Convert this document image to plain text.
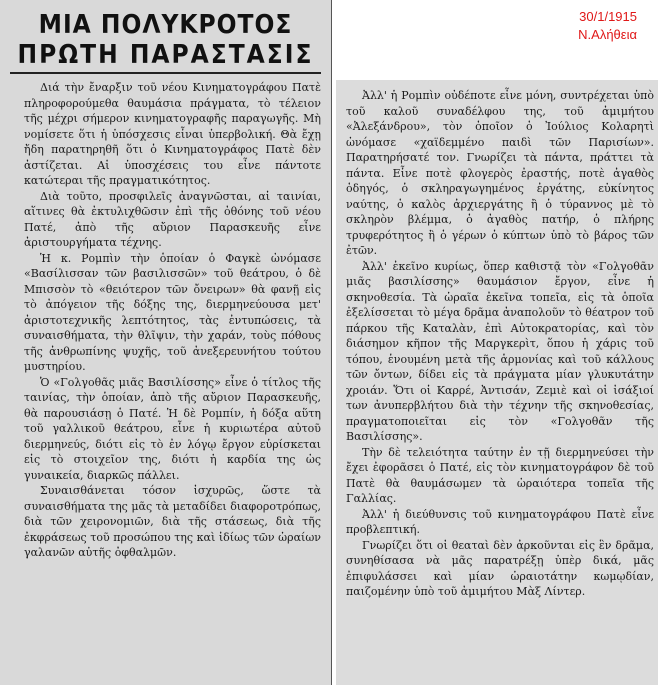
ΜΙΑ ΠΟΛΥΚΡΟΤΟΣ
ΠΡΩΤΗ ΠΑΡΑΣΤΑΣΙΣ

Διά τὴν ἔναρξιν τοῦ νέου Κινηματογράφου Πατὲ πληροφορούμεθα θαυμάσια πράγματα, τὸ τέλειον τῆς μέχρι σήμερον κινηματογραφῆς παραγωγῆς. Μὴ νομίσετε ὅτι ἡ ὑπόσχεσις εἶναι ὑπερβολική. Θὰ ἔχῃ ἤδη παρατηρηθῆ ὅτι ὁ Κινηματογράφος Πατὲ δὲν ἀστίζεται. Αἱ ὑποσχέσεις του εἶνε πάντοτε κατώτεραι τῆς πραγματικότητος.

Διὰ τοῦτο, προσφιλεῖς ἀναγνῶσται, αἱ ταινίαι, αἵτινες θὰ ἐκτυλιχθῶσιν ἐπὶ τῆς ὀθόνης τοῦ νέου Πατέ, ἀπὸ τῆς αὔριον Παρασκευῆς εἶνε ἀριστουργήματα τέχνης.

Ἡ κ. Ρομπὶν τὴν ὁποίαν ὁ Φαγκὲ ὠνόμασε «Βασίλισσαν τῶν βασιλισσῶν» τοῦ θεάτρου, ὁ δὲ Μπισσὸν τὸ «θειότερον τῶν ὄνειρων» θὰ φανῇ εἰς τὸ ἀπόγειον τῆς δόξης της, διερμηνεύουσα μετ' ἀριστοτεχνικῆς λεπτότητος, τὰς ἐντυπώσεις, τὰ συναισθήματα, τὴν θλῖψιν, τὴν χαράν, τοὺς πόθους τῆς ἀνθρωπίνης ψυχῆς, τοῦ ἀνεξερευνήτου τούτου μυστηρίου.

Ὁ «Γολγοθᾶς μιᾶς Βασιλίσσης» εἶνε ὁ τίτλος τῆς ταινίας, τὴν ὁποίαν, ἀπὸ τῆς αὔριον Παρασκευῆς, θὰ παρουσιάσῃ ὁ Πατέ. Ἡ δὲ Ρομπίν, ἡ δόξα αὕτη τοῦ γαλλικοῦ θεάτρου, εἶνε ἡ κυριωτέρα αὐτοῦ διερμηνεύς, διότι εἰς τὸ ἐν λόγῳ ἔργον εὑρίσκεται εἰς τὸ στοιχεῖον της, διότι ἡ καρδία της ὡς γυναικεία, διαρκῶς πάλλει.

Συναισθάνεται τόσον ἰσχυρῶς, ὥστε τὰ συναισθήματα της μᾶς τὰ μεταδίδει διαφοροτρόπως, διὰ τῶν χειρονομιῶν, διὰ τῆς στάσεως, διὰ τῆς ἐκφράσεως τοῦ προσώπου της καὶ ἰδίως τῶν ὡραίων γαλανῶν αὐτῆς ὀφθαλμῶν.

30/1/1915
Ν.Αλήθεια

Ἀλλ' ἡ Ρομπὶν οὐδέποτε εἶνε μόνη, συντρέχεται ὑπὸ τοῦ καλοῦ συναδέλφου της, τοῦ ἀμιμήτου «Ἀλεξάνδρου», τὸν ὁποῖον ὁ Ἰούλιος Κολαρητὶ ὠνόμασε «χαϊδεμμένο παιδὶ τῶν Παρισίων». Παρατηρήσατέ τον. Γνωρίζει τὰ πάντα, πράττει τὰ πάντα. Εἶνε ποτὲ φλογερὸς ἐραστής, ποτὲ ἀγαθὸς ὁδηγός, ὁ σκληραγωγημένος ἐργάτης, εὐκίνητος ναύτης, ὁ καλὸς ἀρχιεργάτης ἢ ὁ τύραννος μὲ τὸ σκληρὸν βλέμμα, ὁ ἀγαθὸς πατήρ, ὁ πλήρης τρυφερότητος ἢ ὁ γέρων ὁ κύπτων ὑπὸ τὸ βάρος τῶν ἐτῶν.

Ἀλλ' ἐκεῖνο κυρίως, ὅπερ καθιστᾷ τὸν «Γολγοθᾶν μιᾶς βασιλίσσης» θαυμάσιον ἔργον, εἶνε ἡ σκηνοθεσία. Τὰ ὡραῖα ἐκεῖνα τοπεῖα, εἰς τὰ ὁποῖα ἐξελίσσεται τὸ μέγα δρᾶμα ἀναπολοῦν τὸ θέατρον τοῦ πάρκου τῆς Καταλὰν, ἐπὶ Αὐτοκρατορίας, καὶ τὸν διάσημον κῆπον τῆς Μαργκερὶτ, ὅπου ἡ χάρις τοῦ τόπου, ἑνουμένη μετὰ τῆς ἁρμονίας καὶ τοῦ κάλλους τῶν ὄντων, δίδει εἰς τὰ πράγματα μίαν γλυκυτάτην χροιάν. Ὅτι οἱ Καρρέ, Ἀντισάν, Ζεμιὲ καὶ οἱ ἰσάξιοί των ἀνυπερβλήτου διὰ τὴν τέχνην τῆς σκηνοθεσίας, πραγματοποιεῖται εἰς τὸν «Γολγοθᾶν τῆς Βασιλίσσης».

Τὴν δὲ τελειότητα ταύτην ἐν τῇ διερμηνεύσει τὴν ἔχει ἐφορᾶσει ὁ Πατέ, εἰς τὸν κινηματογράφον δὲ τοῦ Πατὲ θὰ θαυμάσωμεν τὰ ὡραιότερα τοπεῖα τῆς Γαλλίας.

Ἀλλ' ἡ διεύθυνσις τοῦ κινηματογράφου Πατὲ εἶνε προβλεπτική.

Γνωρίζει ὅτι οἱ θεαταὶ δὲν ἀρκοῦνται εἰς ἓν δρᾶμα, συνηθίσασα νὰ μᾶς παρατρέξῃ ὑπὲρ δικά, μᾶς ἐπιφυλάσσει καὶ μίαν ὡραιοτάτην κωμῳδίαν, παιζομένην ὑπὸ τοῦ ἀμιμήτου Μὰξ Λίντερ.
